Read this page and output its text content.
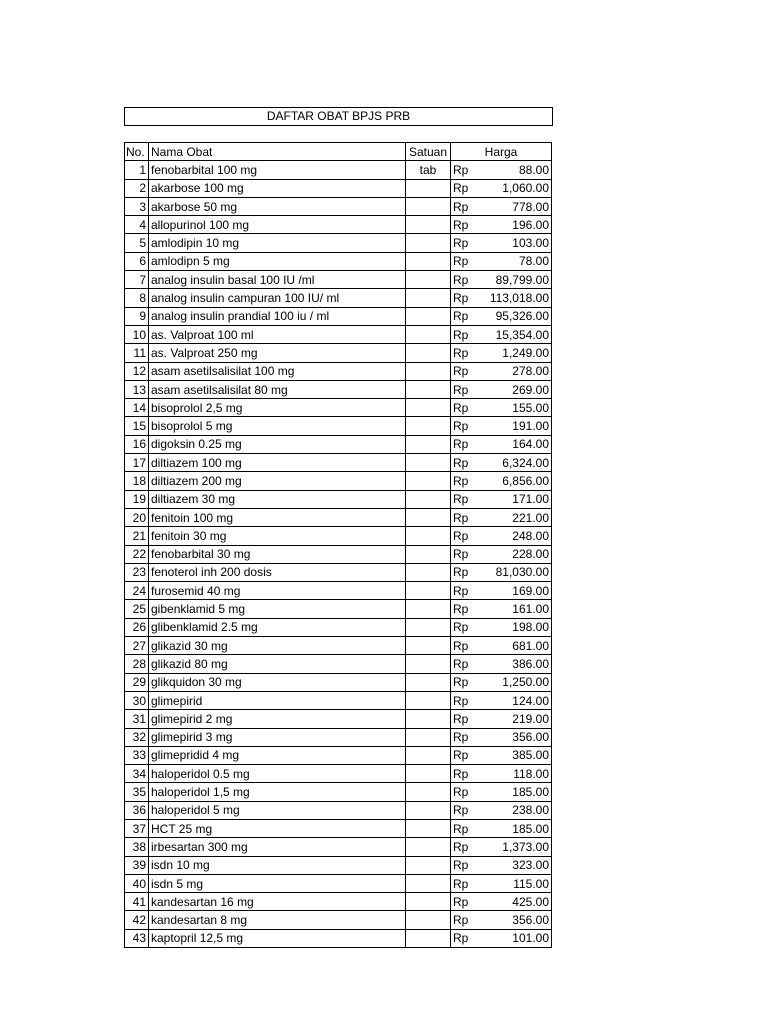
DAFTAR OBAT BPJS PRB
No.	Nama Obat	Satuan	Harga	
1	fenobarbital 100 mg	tab	Rp	88.00
2	akarbose 100 mg		Rp	1,060.00
3	akarbose 50 mg		Rp	778.00
4	allopurinol 100 mg		Rp	196.00
5	amlodipin 10 mg		Rp	103.00
6	amlodipn 5 mg		Rp	78.00
7	analog insulin basal 100 IU /ml		Rp	89,799.00
8	analog insulin campuran 100 IU/ ml		Rp	113,018.00
9	analog insulin prandial 100 iu / ml		Rp	95,326.00
10	as. Valproat 100 ml		Rp	15,354.00
11	as. Valproat 250 mg		Rp	1,249.00
12	asam asetilsalisilat 100 mg		Rp	278.00
13	asam asetilsalisilat 80 mg		Rp	269.00
14	bisoprolol 2,5 mg		Rp	155.00
15	bisoprolol 5 mg		Rp	191.00
16	digoksin 0.25 mg		Rp	164.00
17	diltiazem 100 mg		Rp	6,324.00
18	diltiazem 200 mg		Rp	6,856.00
19	diltiazem 30 mg		Rp	171.00
20	fenitoin 100 mg		Rp	221.00
21	fenitoin 30 mg		Rp	248.00
22	fenobarbital 30 mg		Rp	228.00
23	fenoterol inh 200 dosis		Rp	81,030.00
24	furosemid 40 mg		Rp	169.00
25	gibenklamid 5 mg		Rp	161.00
26	glibenklamid 2.5 mg		Rp	198.00
27	glikazid 30 mg		Rp	681.00
28	glikazid 80 mg		Rp	386.00
29	glikquidon 30 mg		Rp	1,250.00
30	glimepirid		Rp	124.00
31	glimepirid 2 mg		Rp	219.00
32	glimepirid 3 mg		Rp	356.00
33	glimepridid 4 mg		Rp	385.00
34	haloperidol 0.5 mg		Rp	118.00
35	haloperidol 1,5 mg		Rp	185.00
36	haloperidol 5 mg		Rp	238.00
37	HCT 25 mg		Rp	185.00
38	irbesartan 300 mg		Rp	1,373.00
39	isdn 10 mg		Rp	323.00
40	isdn 5 mg		Rp	115.00
41	kandesartan 16 mg		Rp	425.00
42	kandesartan 8 mg		Rp	356.00
43	kaptopril 12,5 mg		Rp	101.00
